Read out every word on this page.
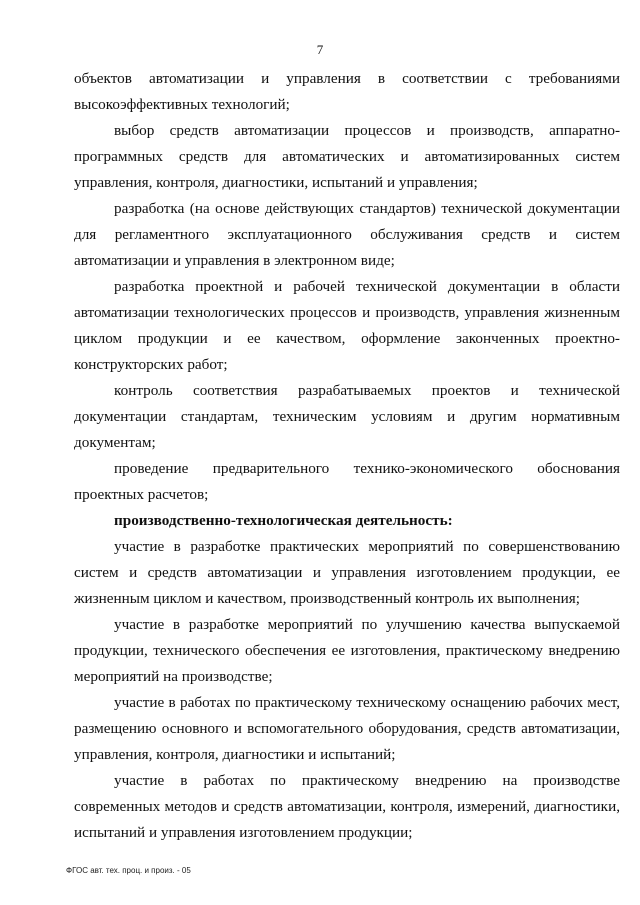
7

объектов автоматизации и управления в соответствии с требованиями высокоэффективных технологий;

выбор средств автоматизации процессов и производств, аппаратно-программных средств для автоматических и автоматизированных систем управления, контроля, диагностики, испытаний и управления;

разработка (на основе действующих стандартов) технической документации для регламентного эксплуатационного обслуживания средств и систем автоматизации и управления в электронном виде;

разработка проектной и рабочей технической документации в области автоматизации технологических процессов и производств, управления жизненным циклом продукции и ее качеством, оформление законченных проектно-конструкторских работ;

контроль соответствия разрабатываемых проектов и технической документации стандартам, техническим условиям и другим нормативным документам;

проведение предварительного технико-экономического обоснования проектных расчетов;

производственно-технологическая деятельность:

участие в разработке практических мероприятий по совершенствованию систем и средств автоматизации и управления изготовлением продукции, ее жизненным циклом и качеством, производственный контроль их выполнения;

участие в разработке мероприятий по улучшению качества выпускаемой продукции, технического обеспечения ее изготовления, практическому внедрению мероприятий на производстве;

участие в работах по практическому техническому оснащению рабочих мест, размещению основного и вспомогательного оборудования, средств автоматизации, управления, контроля, диагностики и испытаний;

участие в работах по практическому внедрению на производстве современных методов и средств автоматизации, контроля, измерений, диагностики, испытаний и управления изготовлением продукции;

ФГОС авт. тех. проц. и произ. - 05
